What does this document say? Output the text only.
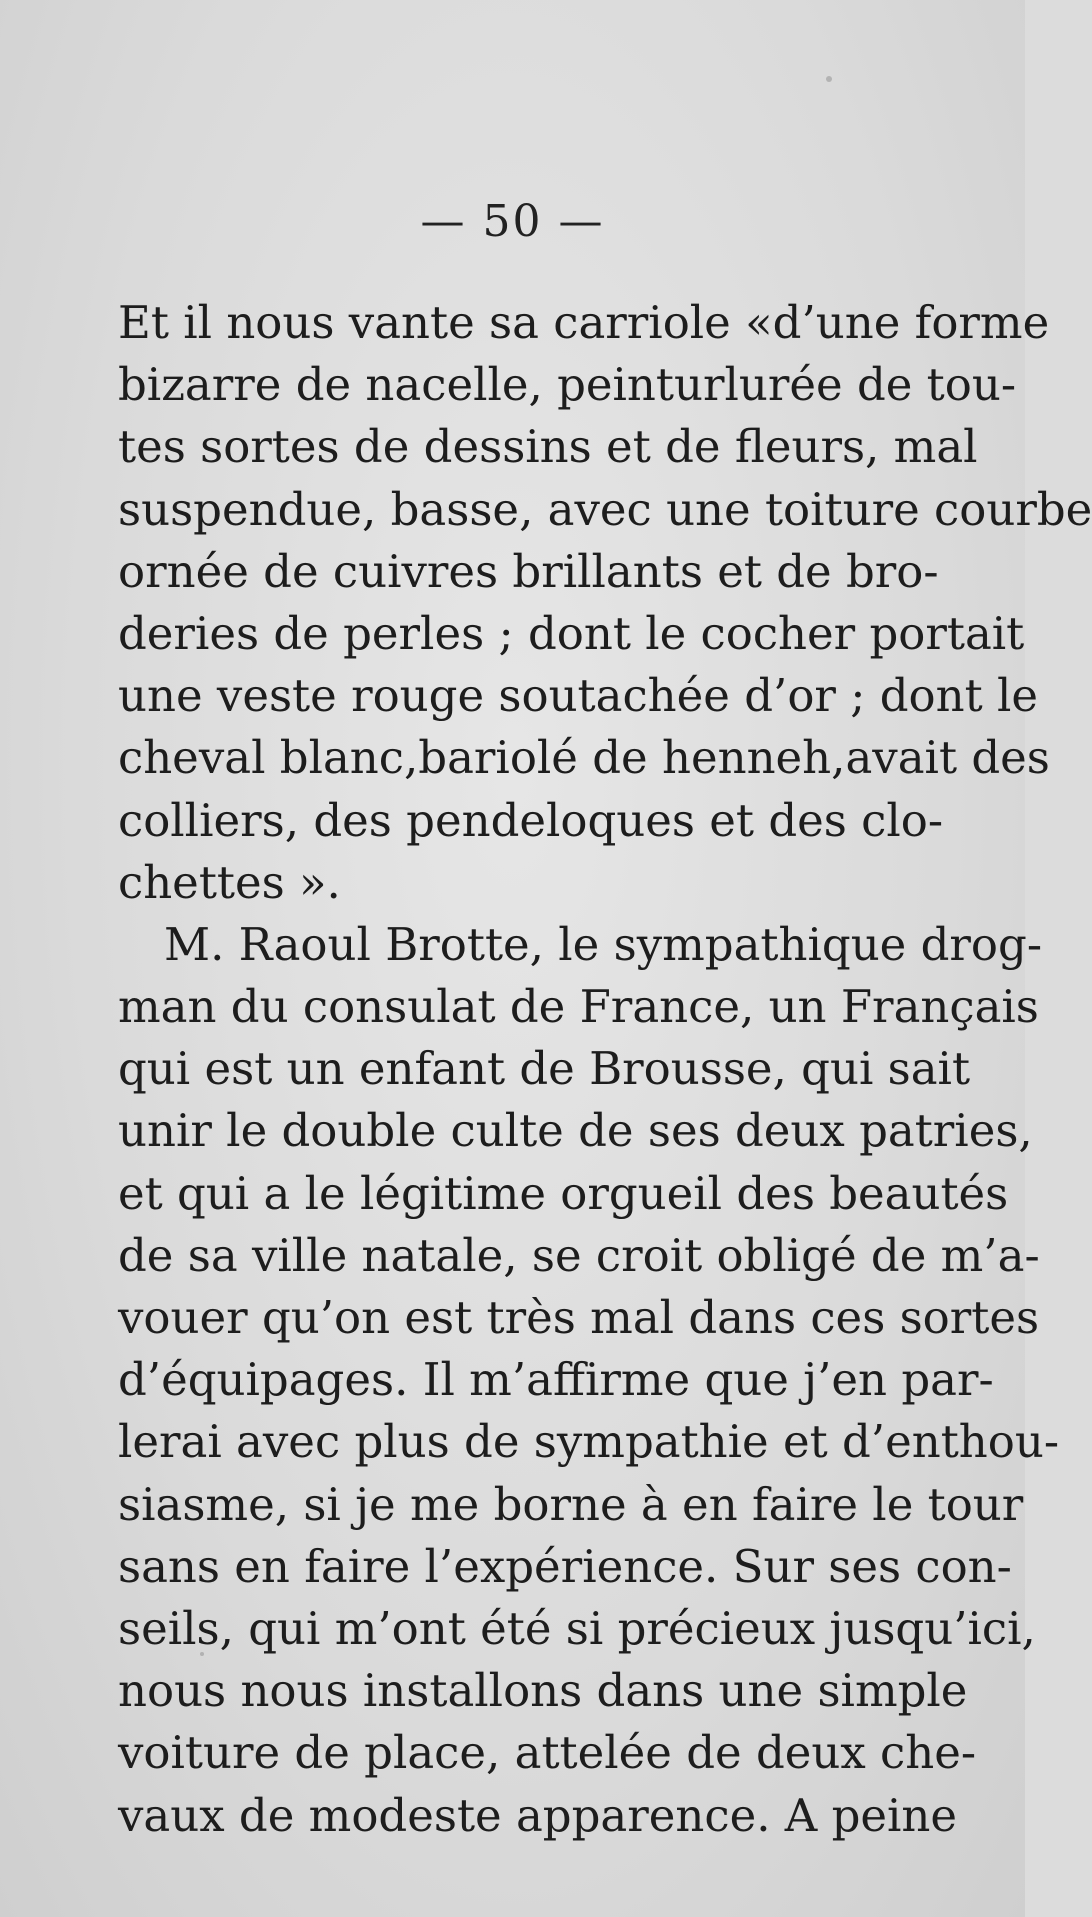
— 50 —
Et il nous vante sa carriole «d’une forme
bizarre de nacelle, peinturlurée de tou-
tes sortes de dessins et de fleurs, mal
suspendue, basse, avec une toiture courbe
ornée de cuivres brillants et de bro-
deries de perles ; dont le cocher portait
une veste rouge soutachée d’or ; dont le
cheval blanc,bariolé de henneh,avait des
colliers, des pendeloques et des clo-
chettes ».
M. Raoul Brotte, le sympathique drog-
man du consulat de France, un Français
qui est un enfant de Brousse, qui sait
unir le double culte de ses deux patries,
et qui a le légitime orgueil des beautés
de sa ville natale, se croit obligé de m’a-
vouer qu’on est très mal dans ces sortes
d’équipages. Il m’affirme que j’en par-
lerai avec plus de sympathie et d’enthou-
siasme, si je me borne à en faire le tour
sans en faire l’expérience. Sur ses con-
seils, qui m’ont été si précieux jusqu’ici,
nous nous installons dans une simple
voiture de place, attelée de deux che-
vaux de modeste apparence. A peine
